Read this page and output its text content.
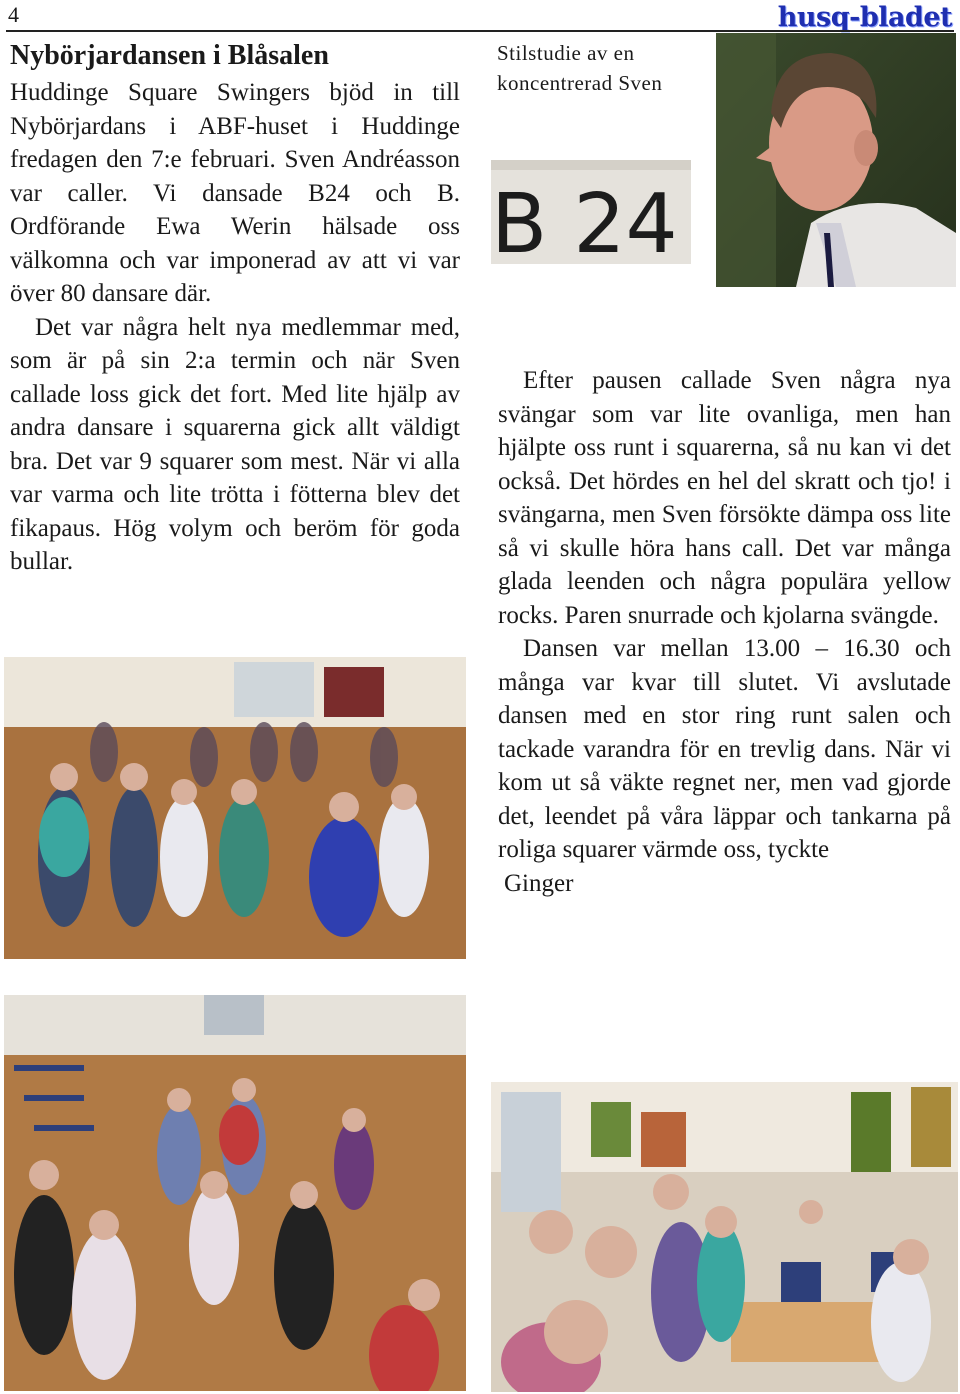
4	husq-bladet
Nybörjardansen i Blåsalen

Huddinge Square Swingers bjöd in till Nybörjardans i ABF-huset i Huddinge fredagen den 7:e februari. Sven Andréasson var caller. Vi dansade B24 och B. Ordförande Ewa Werin hälsade oss välkomna och var imponerad av att vi var över 80 dansare där.

Det var några helt nya medlemmar med, som är på sin 2:a termin och när Sven callade loss gick det fort. Med lite hjälp av andra dansare i squarerna gick allt väldigt bra. Det var 9 squarer som mest. När vi alla var varma och lite trötta i fötterna blev det fikapaus. Hög volym och beröm för goda bullar.

Stilstudie av en koncentrerad Sven
B 24

Efter pausen callade Sven några nya svängar som var lite ovanliga, men han hjälpte oss runt i squarerna, så nu kan vi det också. Det hördes en hel del skratt och tjo! i svängarna, men Sven försökte dämpa oss lite så vi skulle höra hans call. Det var många glada leenden och några populära yellow rocks. Paren snurrade och kjolarna svängde.

Dansen var mellan 13.00 – 16.30 och många var kvar till slutet. Vi avslutade dansen med en stor ring runt salen och tackade varandra för en trevlig dans. När vi kom ut så väkte regnet ner, men vad gjorde det, leendet på våra läppar och tankarna på roliga squarer värmde oss, tyckte

Ginger
